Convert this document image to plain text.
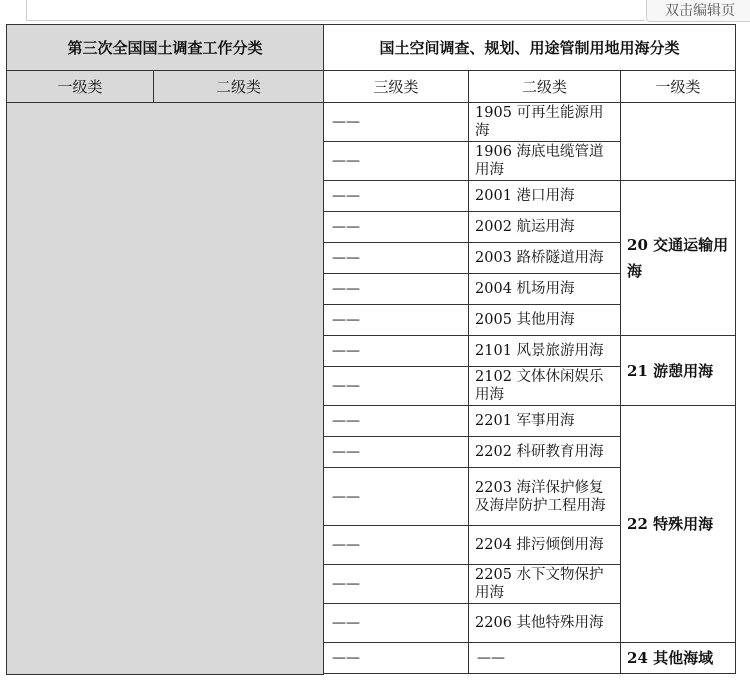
双击编辑页
第三次全国国土调查工作分类		国土空间调查、规划、用途管制用地用海分类		
一级类	二级类	三级类	二级类	一级类
		——	1905 可再生能源用海	
		——	1906 海底电缆管道用海	
		——	2001 港口用海	20 交通运输用海
		——	2002 航运用海	
		——	2003 路桥隧道用海	
		——	2004 机场用海	
		——	2005 其他用海	
		——	2101 风景旅游用海	21 游憩用海
		——	2102 文体休闲娱乐用海	
		——	2201 军事用海	22 特殊用海
		——	2202 科研教育用海	
		——	2203 海洋保护修复及海岸防护工程用海	
		——	2204 排污倾倒用海	
		——	2205 水下文物保护用海	
		——	2206 其他特殊用海	
		——	——	24 其他海域
